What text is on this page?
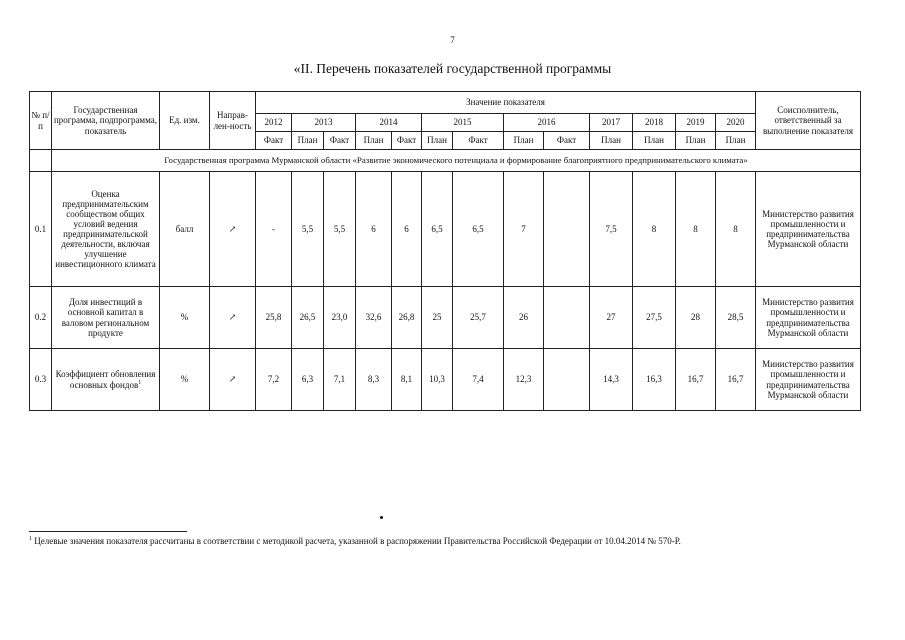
7
«II. Перечень показателей государственной программы
№ п/п	Государственная программа, подпрограмма, показатель	Ед. изм.	Направ-лен-ность	Значение показателя													Соисполнитель, ответственный за выполнение показателя
				2012	2013		2014		2015		2016		2017	2018	2019	2020	
				Факт	План	Факт	План	Факт	План	Факт	План	Факт	План	План	План	План	
	Государственная программа Мурманской области «Развитие экономического потенциала и формирование благоприятного предпринимательского климата»																
0.1	Оценка предпринимательским сообществом общих условий ведения предпринимательской деятельности, включая улучшение инвестиционного климата	балл	↗	-	5,5	5,5	6	6	6,5	6,5	7		7,5	8	8	8	Министерство развития промышленности и предпринимательства Мурманской области
0.2	Доля инвестиций в основной капитал в валовом региональном продукте	%	↗	25,8	26,5	23,0	32,6	26,8	25	25,7	26		27	27,5	28	28,5	Министерство развития промышленности и предпринимательства Мурманской области
0.3	Коэффициент обновления основных фондов$^1$	%	↗	7,2	6,3	7,1	8,3	8,1	10,3	7,4	12,3		14,3	16,3	16,7	16,7	Министерство развития промышленности и предпринимательства Мурманской области
$^1$ Целевые значения показателя рассчитаны в соответствии с методикой расчета, указанной в распоряжении Правительства Российской Федерации от 10.04.2014 № 570-Р.
